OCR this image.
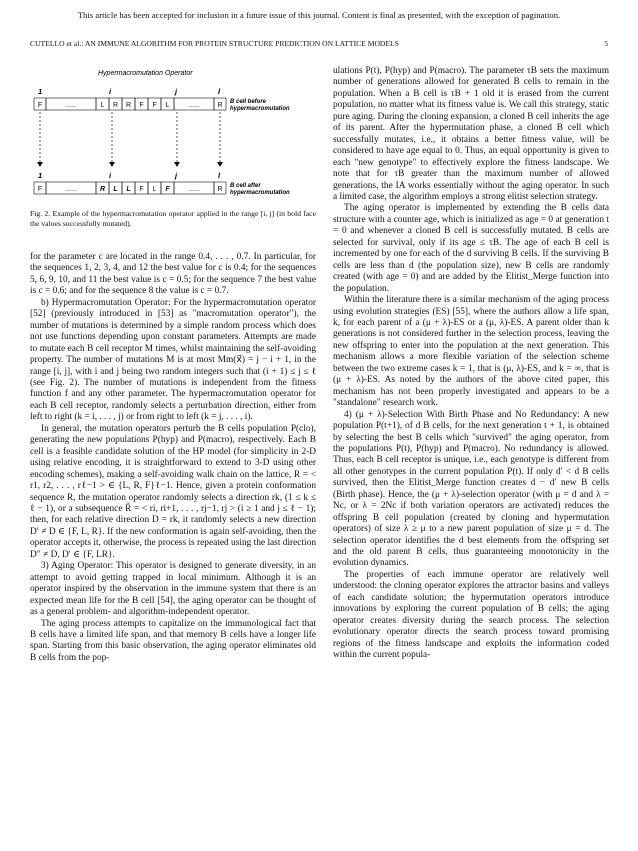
This article has been accepted for inclusion in a future issue of this journal. Content is final as presented, with the exception of pagination.
CUTELLO et al.: AN IMMUNE ALGORITHM FOR PROTEIN STRUCTURE PREDICTION ON LATTICE MODELS	5
Hypermacromutation Operator
1	i	j	l
F	......	L R R F F L	......	R B cell before
hypermacromutation
1	i	j	l
F	......	R L L F L F	......	R B cell after
hypermacromutation
Fig. 2. Example of the hypermacromutation operator applied in the range [i, j] (in bold face the values successfully mutated).

for the parameter c are located in the range 0.4, . . . , 0.7. In particular, for the sequences 1, 2, 3, 4, and 12 the best value for c is 0.4; for the sequences 5, 6, 9, 10, and 11 the best value is c = 0.5; for the sequence 7 the best value is c = 0.6; and for the sequence 8 the value is c = 0.7.

b) Hypermacromutation Operator: For the hypermacromutation operator [52] (previously introduced in [53] as "macromutation operator"), the number of mutations is determined by a simple random process which does not use functions depending upon constant parameters. Attempts are made to mutate each B cell receptor M times, whilst maintaining the self-avoiding property. The number of mutations M is at most Mm(x⃗) = j − i + 1, in the range [i, j], with i and j being two random integers such that (i + 1) ≤ j ≤ ℓ (see Fig. 2). The number of mutations is independent from the fitness function f and any other parameter. The hypermacromutation operator for each B cell receptor, randomly selects a perturbation direction, either from left to right (k = i, . . . , j) or from right to left (k = j, . . . , i).

In general, the mutation operators perturb the B cells population P(clo), generating the new populations P(hyp) and P(macro), respectively. Each B cell is a feasible candidate solution of the HP model (for simplicity in 2-D using relative encoding, it is straightforward to extend to 3-D using other encoding schemes), making a self-avoiding walk chain on the lattice, R = < r1, r2, . . . , rℓ−1 > ∈ {L, R, F}ℓ−1. Hence, given a protein conformation sequence R, the mutation operator randomly selects a direction rk, (1 ≤ k ≤ ℓ − 1), or a subsequence R̃ = < ri, ri+1, . . . , rj−1, rj > (i ≥ 1 and j ≤ ℓ − 1); then, for each relative direction D = rk, it randomly selects a new direction D′ ≠ D ∈ {F, L, R}. If the new conformation is again self-avoiding, then the operator accepts it, otherwise, the process is repeated using the last direction D′′ ≠ D, D′ ∈ {F, LR}.

3) Aging Operator: This operator is designed to generate diversity, in an attempt to avoid getting trapped in local minimum. Although it is an operator inspired by the observation in the immune system that there is an expected mean life for the B cell [54], the aging operator can be thought of as a general problem- and algorithm-independent operator.

The aging process attempts to capitalize on the immunological fact that B cells have a limited life span, and that memory B cells have a longer life span. Starting from this basic observation, the aging operator eliminates old B cells from the pop-

ulations P(t), P(hyp) and P(macro). The parameter τB sets the maximum number of generations allowed for generated B cells to remain in the population. When a B cell is τB + 1 old it is erased from the current population, no matter what its fitness value is. We call this strategy, static pure aging. During the cloning expansion, a cloned B cell inherits the age of its parent. After the hypermutation phase, a cloned B cell which successfully mutates, i.e., it obtains a better fitness value, will be considered to have age equal to 0. Thus, an equal opportunity is given to each "new genotype" to effectively explore the fitness landscape. We note that for τB greater than the maximum number of allowed generations, the IA works essentially without the aging operator. In such a limited case, the algorithm employs a strong elitist selection strategy.

The aging operator is implemented by extending the B cells data structure with a counter age, which is initialized as age = 0 at generation t = 0 and whenever a cloned B cell is successfully mutated. B cells are selected for survival, only if its age ≤ τB. The age of each B cell is incremented by one for each of the d surviving B cells. If the surviving B cells are less than d (the population size), new B cells are randomly created (with age = 0) and are added by the Elitist_Merge function into the population.

Within the literature there is a similar mechanism of the aging process using evolution strategies (ES) [55], where the authors allow a life span, k, for each parent of a (μ + λ)-ES or a (μ, λ)-ES. A parent older than k generations is not considered further in the selection process, leaving the new offspring to enter into the population at the next generation. This mechanism allows a more flexible variation of the selection scheme between the two extreme cases k = 1, that is (μ, λ)-ES, and k = ∞, that is (μ + λ)-ES. As noted by the authors of the above cited paper, this mechanism has not been properly investigated and appears to be a "standalone" research work.

4) (μ + λ)-Selection With Birth Phase and No Redundancy: A new population P(t+1), of d B cells, for the next generation t + 1, is obtained by selecting the best B cells which "survived" the aging operator, from the populations P(t), P(hyp) and P(macro). No redundancy is allowed. Thus, each B cell receptor is unique, i.e., each genotype is different from all other genotypes in the current population P(t). If only d′ < d B cells survived, then the Elitist_Merge function creates d − d′ new B cells (Birth phase). Hence, the (μ + λ)-selection operator (with μ = d and λ = Nc, or λ = 2Nc if both variation operators are activated) reduces the offspring B cell population (created by cloning and hypermutation operators) of size λ ≥ μ to a new parent population of size μ = d. The selection operator identifies the d best elements from the offspring set and the old parent B cells, thus guaranteeing monotonicity in the evolution dynamics.

The properties of each immune operator are relatively well understood: the cloning operator explores the attractor basins and valleys of each candidate solution; the hypermutation operators introduce innovations by exploring the current population of B cells; the aging operator creates diversity during the search process. The selection evolutionary operator directs the search process toward promising regions of the fitness landscape and exploits the information coded within the current popula-
